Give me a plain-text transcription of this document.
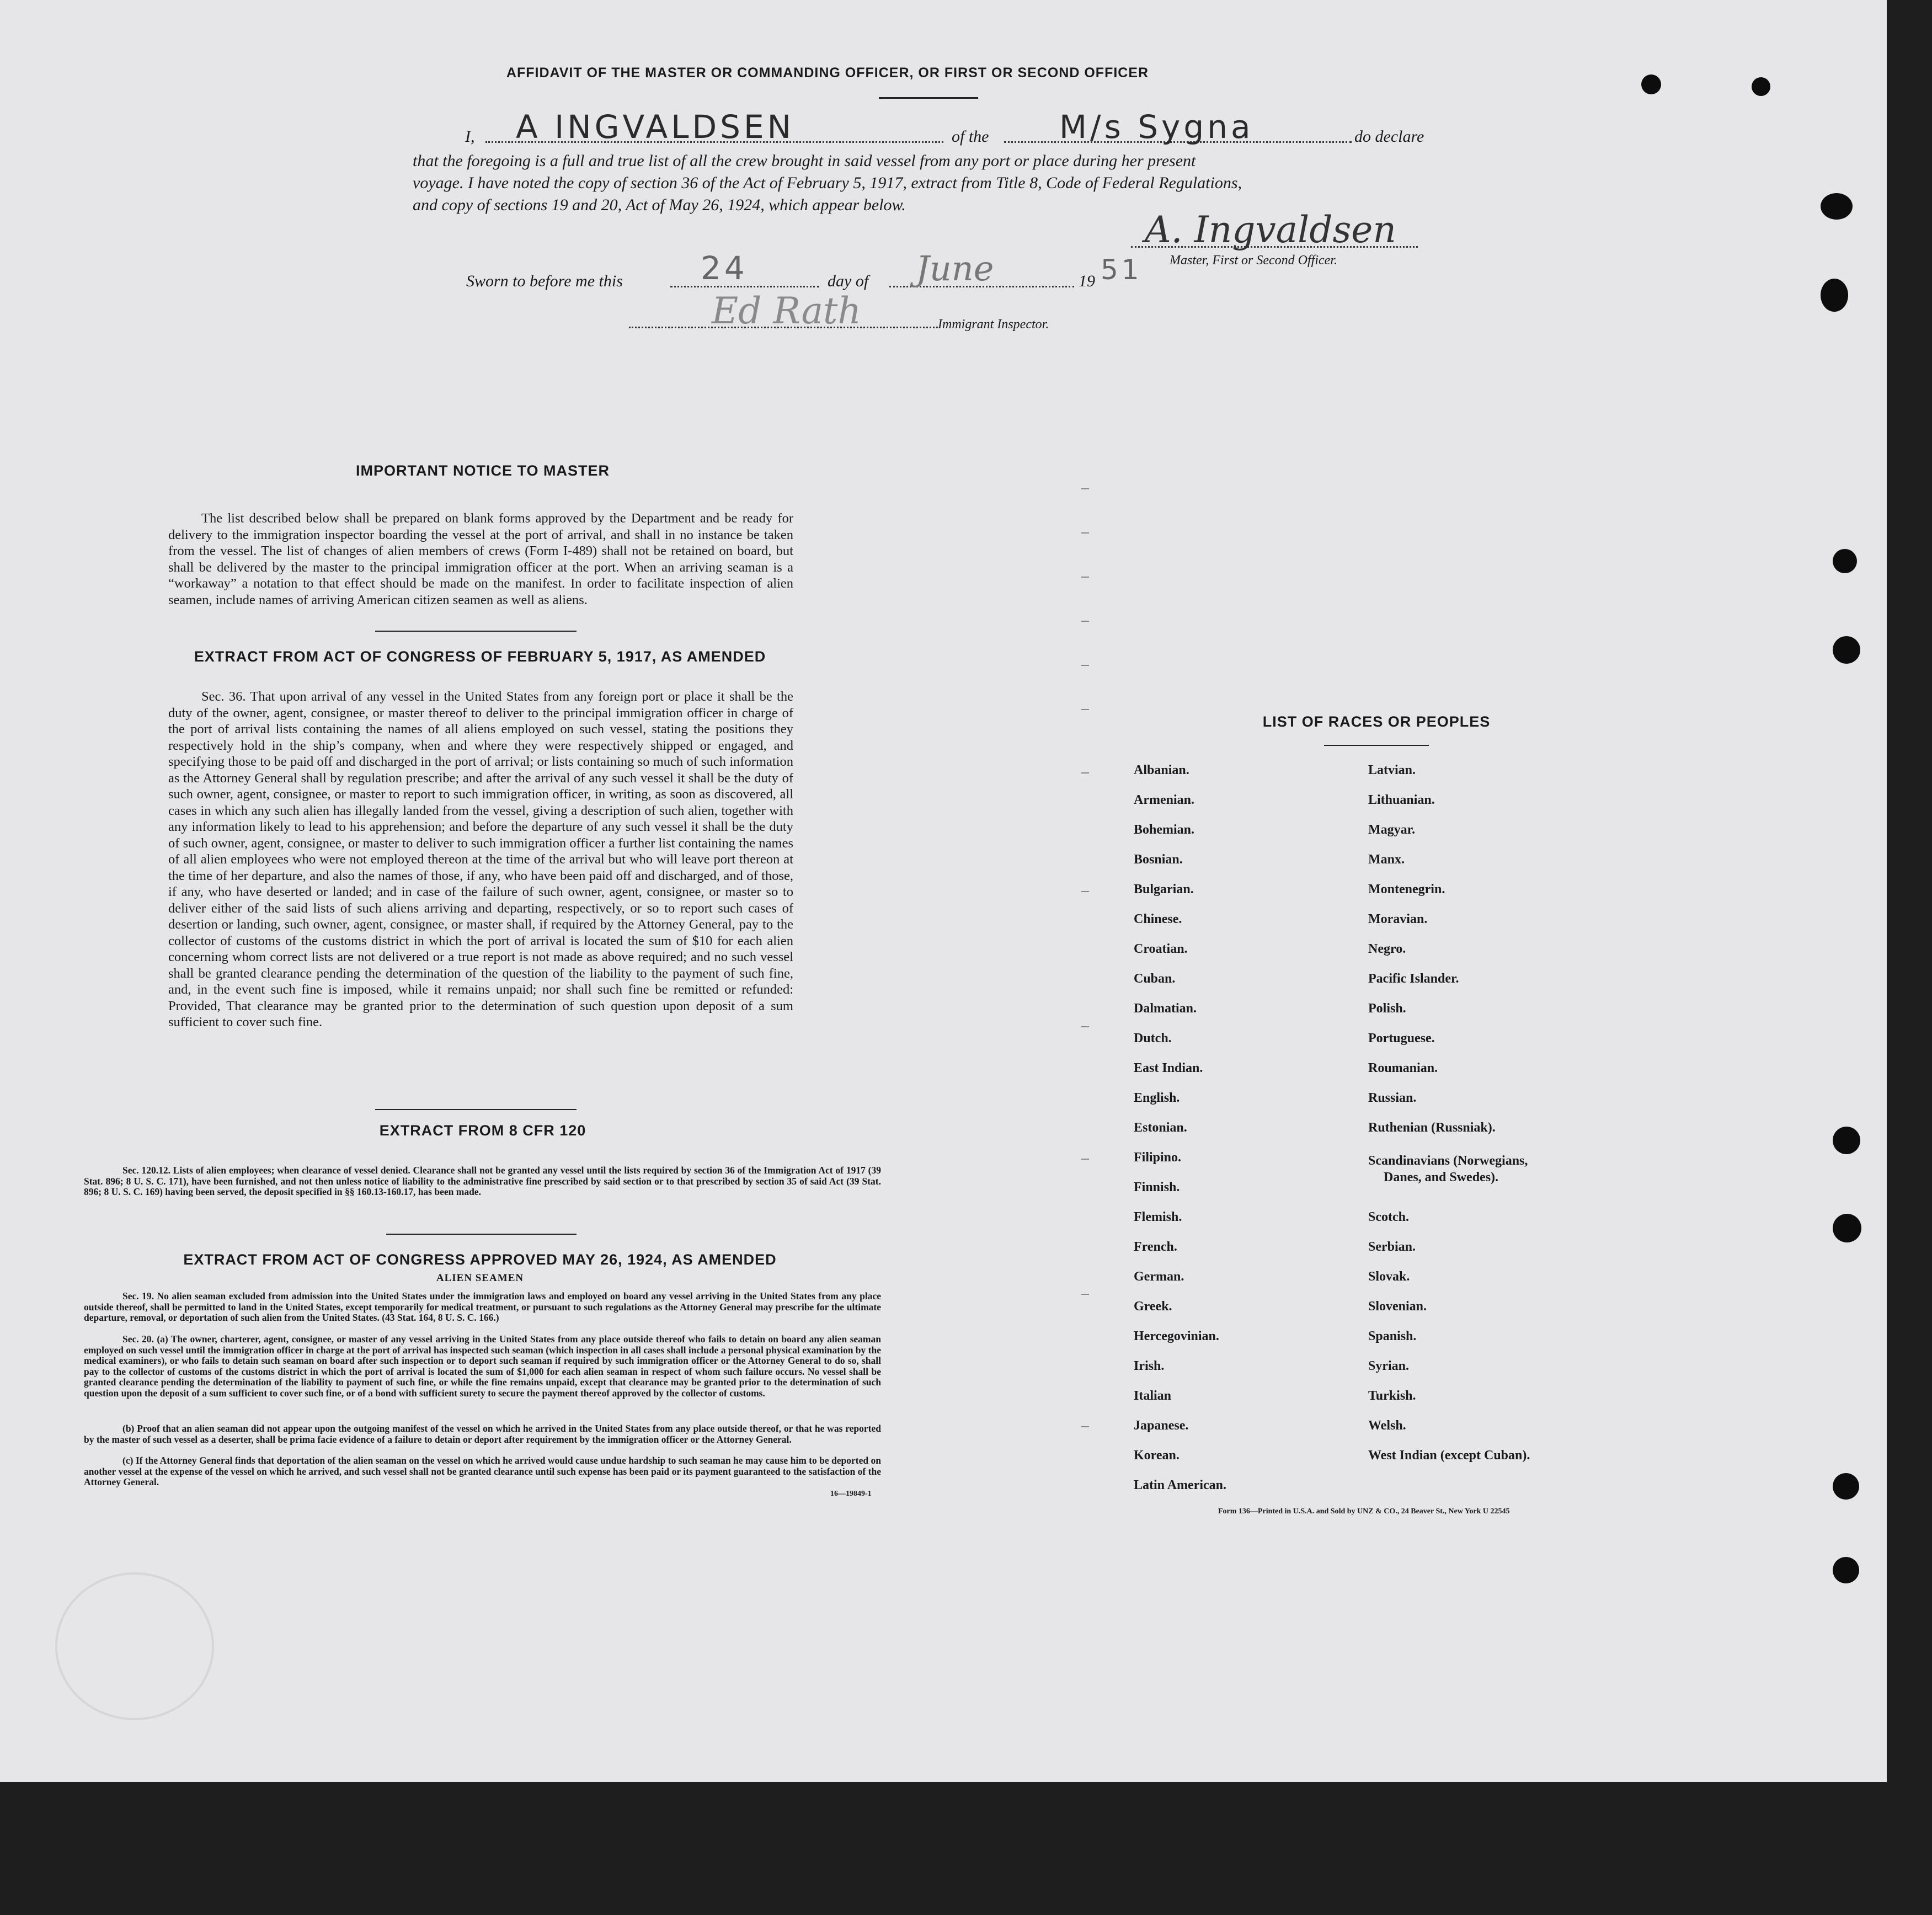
AFFIDAVIT OF THE MASTER OR COMMANDING OFFICER, OR FIRST OR SECOND OFFICER
I, A INGVALDSEN	of the M/s Sygna	do declare
that the foregoing is a full and true list of all the crew brought in said vessel from any port or place during her present
voyage. I have noted the copy of section 36 of the Act of February 5, 1917, extract from Title 8, Code of Federal Regulations,
and copy of sections 19 and 20, Act of May 26, 1924, which appear below.
A. Ingvaldsen
Master, First or Second Officer.
Sworn to before me this 24	day of June	19 51
Ed Rath	Immigrant Inspector.
IMPORTANT NOTICE TO MASTER
The list described below shall be prepared on blank forms approved by the Department and be ready for delivery to the immigration inspector boarding the vessel at the port of arrival, and shall in no instance be taken from the vessel. The list of changes of alien members of crews (Form I-489) shall not be retained on board, but shall be delivered by the master to the principal immigration officer at the port. When an arriving seaman is a “workaway” a notation to that effect should be made on the manifest. In order to facilitate inspection of alien seamen, include names of arriving American citizen seamen as well as aliens.
EXTRACT FROM ACT OF CONGRESS OF FEBRUARY 5, 1917, AS AMENDED
Sec. 36. That upon arrival of any vessel in the United States from any foreign port or place it shall be the duty of the owner, agent, consignee, or master thereof to deliver to the principal immigration officer in charge of the port of arrival lists containing the names of all aliens employed on such vessel, stating the positions they respectively hold in the ship’s company, when and where they were respectively shipped or engaged, and specifying those to be paid off and discharged in the port of arrival; or lists containing so much of such information as the Attorney General shall by regulation prescribe; and after the arrival of any such vessel it shall be the duty of such owner, agent, consignee, or master to report to such immigration officer, in writing, as soon as discovered, all cases in which any such alien has illegally landed from the vessel, giving a description of such alien, together with any information likely to lead to his apprehension; and before the departure of any such vessel it shall be the duty of such owner, agent, consignee, or master to deliver to such immigration officer a further list containing the names of all alien employees who were not employed thereon at the time of the arrival but who will leave port thereon at the time of her departure, and also the names of those, if any, who have been paid off and discharged, and of those, if any, who have deserted or landed; and in case of the failure of such owner, agent, consignee, or master so to deliver either of the said lists of such aliens arriving and departing, respectively, or so to report such cases of desertion or landing, such owner, agent, consignee, or master shall, if required by the Attorney General, pay to the collector of customs of the customs district in which the port of arrival is located the sum of $10 for each alien concerning whom correct lists are not delivered or a true report is not made as above required; and no such vessel shall be granted clearance pending the determination of the question of the liability to the payment of such fine, and, in the event such fine is imposed, while it remains unpaid; nor shall such fine be remitted or refunded: Provided, That clearance may be granted prior to the determination of such question upon deposit of a sum sufficient to cover such fine.
EXTRACT FROM 8 CFR 120
Sec. 120.12. Lists of alien employees; when clearance of vessel denied. Clearance shall not be granted any vessel until the lists required by section 36 of the Immigration Act of 1917 (39 Stat. 896; 8 U. S. C. 171), have been furnished, and not then unless notice of liability to the administrative fine prescribed by said section or to that prescribed by section 35 of said Act (39 Stat. 896; 8 U. S. C. 169) having been served, the deposit specified in §§ 160.13-160.17, has been made.
EXTRACT FROM ACT OF CONGRESS APPROVED MAY 26, 1924, AS AMENDED
ALIEN SEAMEN
Sec. 19. No alien seaman excluded from admission into the United States under the immigration laws and employed on board any vessel arriving in the United States from any place outside thereof, shall be permitted to land in the United States, except temporarily for medical treatment, or pursuant to such regulations as the Attorney General may prescribe for the ultimate departure, removal, or deportation of such alien from the United States. (43 Stat. 164, 8 U. S. C. 166.)
Sec. 20. (a) The owner, charterer, agent, consignee, or master of any vessel arriving in the United States from any place outside thereof who fails to detain on board any alien seaman employed on such vessel until the immigration officer in charge at the port of arrival has inspected such seaman (which inspection in all cases shall include a personal physical examination by the medical examiners), or who fails to detain such seaman on board after such inspection or to deport such seaman if required by such immigration officer or the Attorney General to do so, shall pay to the collector of customs of the customs district in which the port of arrival is located the sum of $1,000 for each alien seaman in respect of whom such failure occurs. No vessel shall be granted clearance pending the determination of the liability to payment of such fine, or while the fine remains unpaid, except that clearance may be granted prior to the determination of such question upon the deposit of a sum sufficient to cover such fine, or of a bond with sufficient surety to secure the payment thereof approved by the collector of customs.
(b) Proof that an alien seaman did not appear upon the outgoing manifest of the vessel on which he arrived in the United States from any place outside thereof, or that he was reported by the master of such vessel as a deserter, shall be prima facie evidence of a failure to detain or deport after requirement by the immigration officer or the Attorney General.
(c) If the Attorney General finds that deportation of the alien seaman on the vessel on which he arrived would cause undue hardship to such seaman he may cause him to be deported on another vessel at the expense of the vessel on which he arrived, and such vessel shall not be granted clearance until such expense has been paid or its payment guaranteed to the satisfaction of the Attorney General.
16—19849-1
LIST OF RACES OR PEOPLES
Albanian.
Armenian.
Bohemian.
Bosnian.
Bulgarian.
Chinese.
Croatian.
Cuban.
Dalmatian.
Dutch.
East Indian.
English.
Estonian.
Filipino.
Finnish.
Flemish.
French.
German.
Greek.
Hercegovinian.
Irish.
Italian
Japanese.
Korean.
Latin American.
Latvian.
Lithuanian.
Magyar.
Manx.
Montenegrin.
Moravian.
Negro.
Pacific Islander.
Polish.
Portuguese.
Roumanian.
Russian.
Ruthenian (Russniak).
Scandinavians (Norwegians,
Danes, and Swedes).
Scotch.
Serbian.
Slovak.
Slovenian.
Spanish.
Syrian.
Turkish.
Welsh.
West Indian (except Cuban).
Form 136—Printed in U.S.A. and Sold by UNZ & CO., 24 Beaver St., New York U 22545
